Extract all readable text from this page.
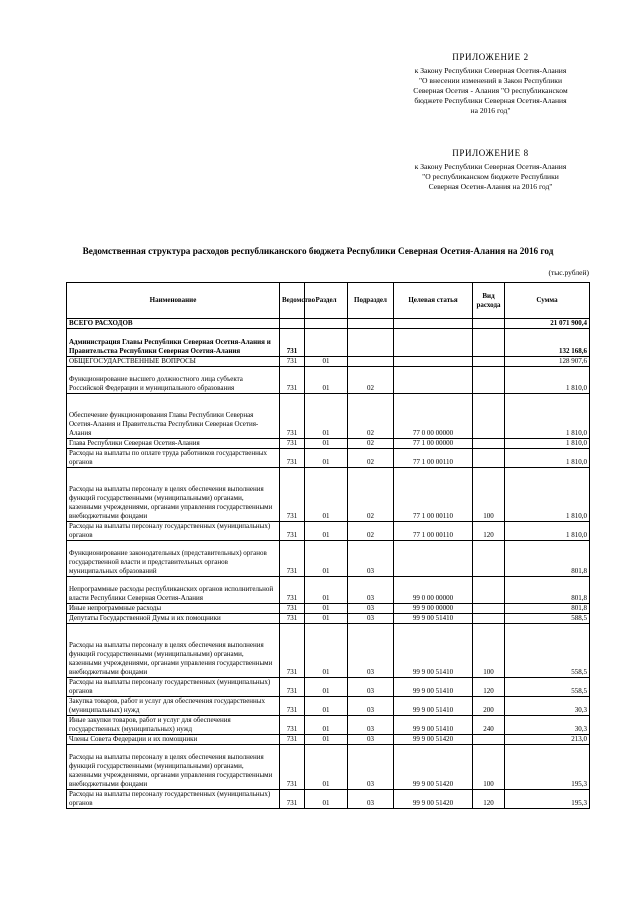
ПРИЛОЖЕНИЕ 2
к Закону Республики Северная Осетия-Алания
"О внесении изменений в Закон Республики
Северная Осетия - Алания "О республиканском
бюджете Республики Северная Осетия-Алания
на 2016 год"
ПРИЛОЖЕНИЕ 8
к Закону Республики Северная Осетия-Алания
"О республиканском бюджете Республики
Северная Осетия-Алания на 2016 год"
Ведомственная структура расходов республиканского бюджета Республики Северная Осетия-Алания на 2016 год
(тыс.рублей)
Наименование	Ведомство	Раздел	Подраздел	Целевая статья	Вид расхода	Сумма
ВСЕГО РАСХОДОВ						21 071 900,4
Администрация Главы Республики Северная Осетия-Алания и Правительства Республики Северная Осетия-Алания	731					132 168,6
ОБЩЕГОСУДАРСТВЕННЫЕ ВОПРОСЫ	731	01				128 907,6
Функционирование высшего должностного лица субъекта Российской Федерации и муниципального образования	731	01	02			1 810,0
Обеспечение функционирования Главы Республики Северная Осетия-Алания и Правительства Республики Северная Осетия-Алания	731	01	02	77 0 00 00000		1 810,0
Глава Республики Северная Осетия-Алания	731	01	02	77 1 00 00000		1 810,0
Расходы на выплаты по оплате труда работников государственных органов	731	01	02	77 1 00 00110		1 810,0
Расходы на выплаты персоналу в целях обеспечения выполнения функций государственными (муниципальными) органами, казенными учреждениями, органами управления государственными внебюджетными фондами	731	01	02	77 1 00 00110	100	1 810,0
Расходы на выплаты персоналу государственных (муниципальных) органов	731	01	02	77 1 00 00110	120	1 810,0
Функционирование законодательных (представительных) органов государственной власти и представительных органов муниципальных образований	731	01	03			801,8
Непрограммные расходы республиканских органов исполнительной власти Республики Северная Осетия-Алания	731	01	03	99 0 00 00000		801,8
Иные непрограммные расходы	731	01	03	99 9 00 00000		801,8
Депутаты Государственной Думы и их помощники	731	01	03	99 9 00 51410		588,5
Расходы на выплаты персоналу в целях обеспечения выполнения функций государственными (муниципальными) органами, казенными учреждениями, органами управления государственными внебюджетными фондами	731	01	03	99 9 00 51410	100	558,5
Расходы на выплаты персоналу государственных (муниципальных) органов	731	01	03	99 9 00 51410	120	558,5
Закупка товаров, работ и услуг для обеспечения государственных (муниципальных) нужд	731	01	03	99 9 00 51410	200	30,3
Иные закупки товаров, работ и услуг для обеспечения государственных (муниципальных) нужд	731	01	03	99 9 00 51410	240	30,3
Члены Совета Федерации и их помощники	731	01	03	99 9 00 51420		213,0
Расходы на выплаты персоналу в целях обеспечения выполнения функций государственными (муниципальными) органами, казенными учреждениями, органами управления государственными внебюджетными фондами	731	01	03	99 9 00 51420	100	195,3
Расходы на выплаты персоналу государственных (муниципальных) органов	731	01	03	99 9 00 51420	120	195,3
